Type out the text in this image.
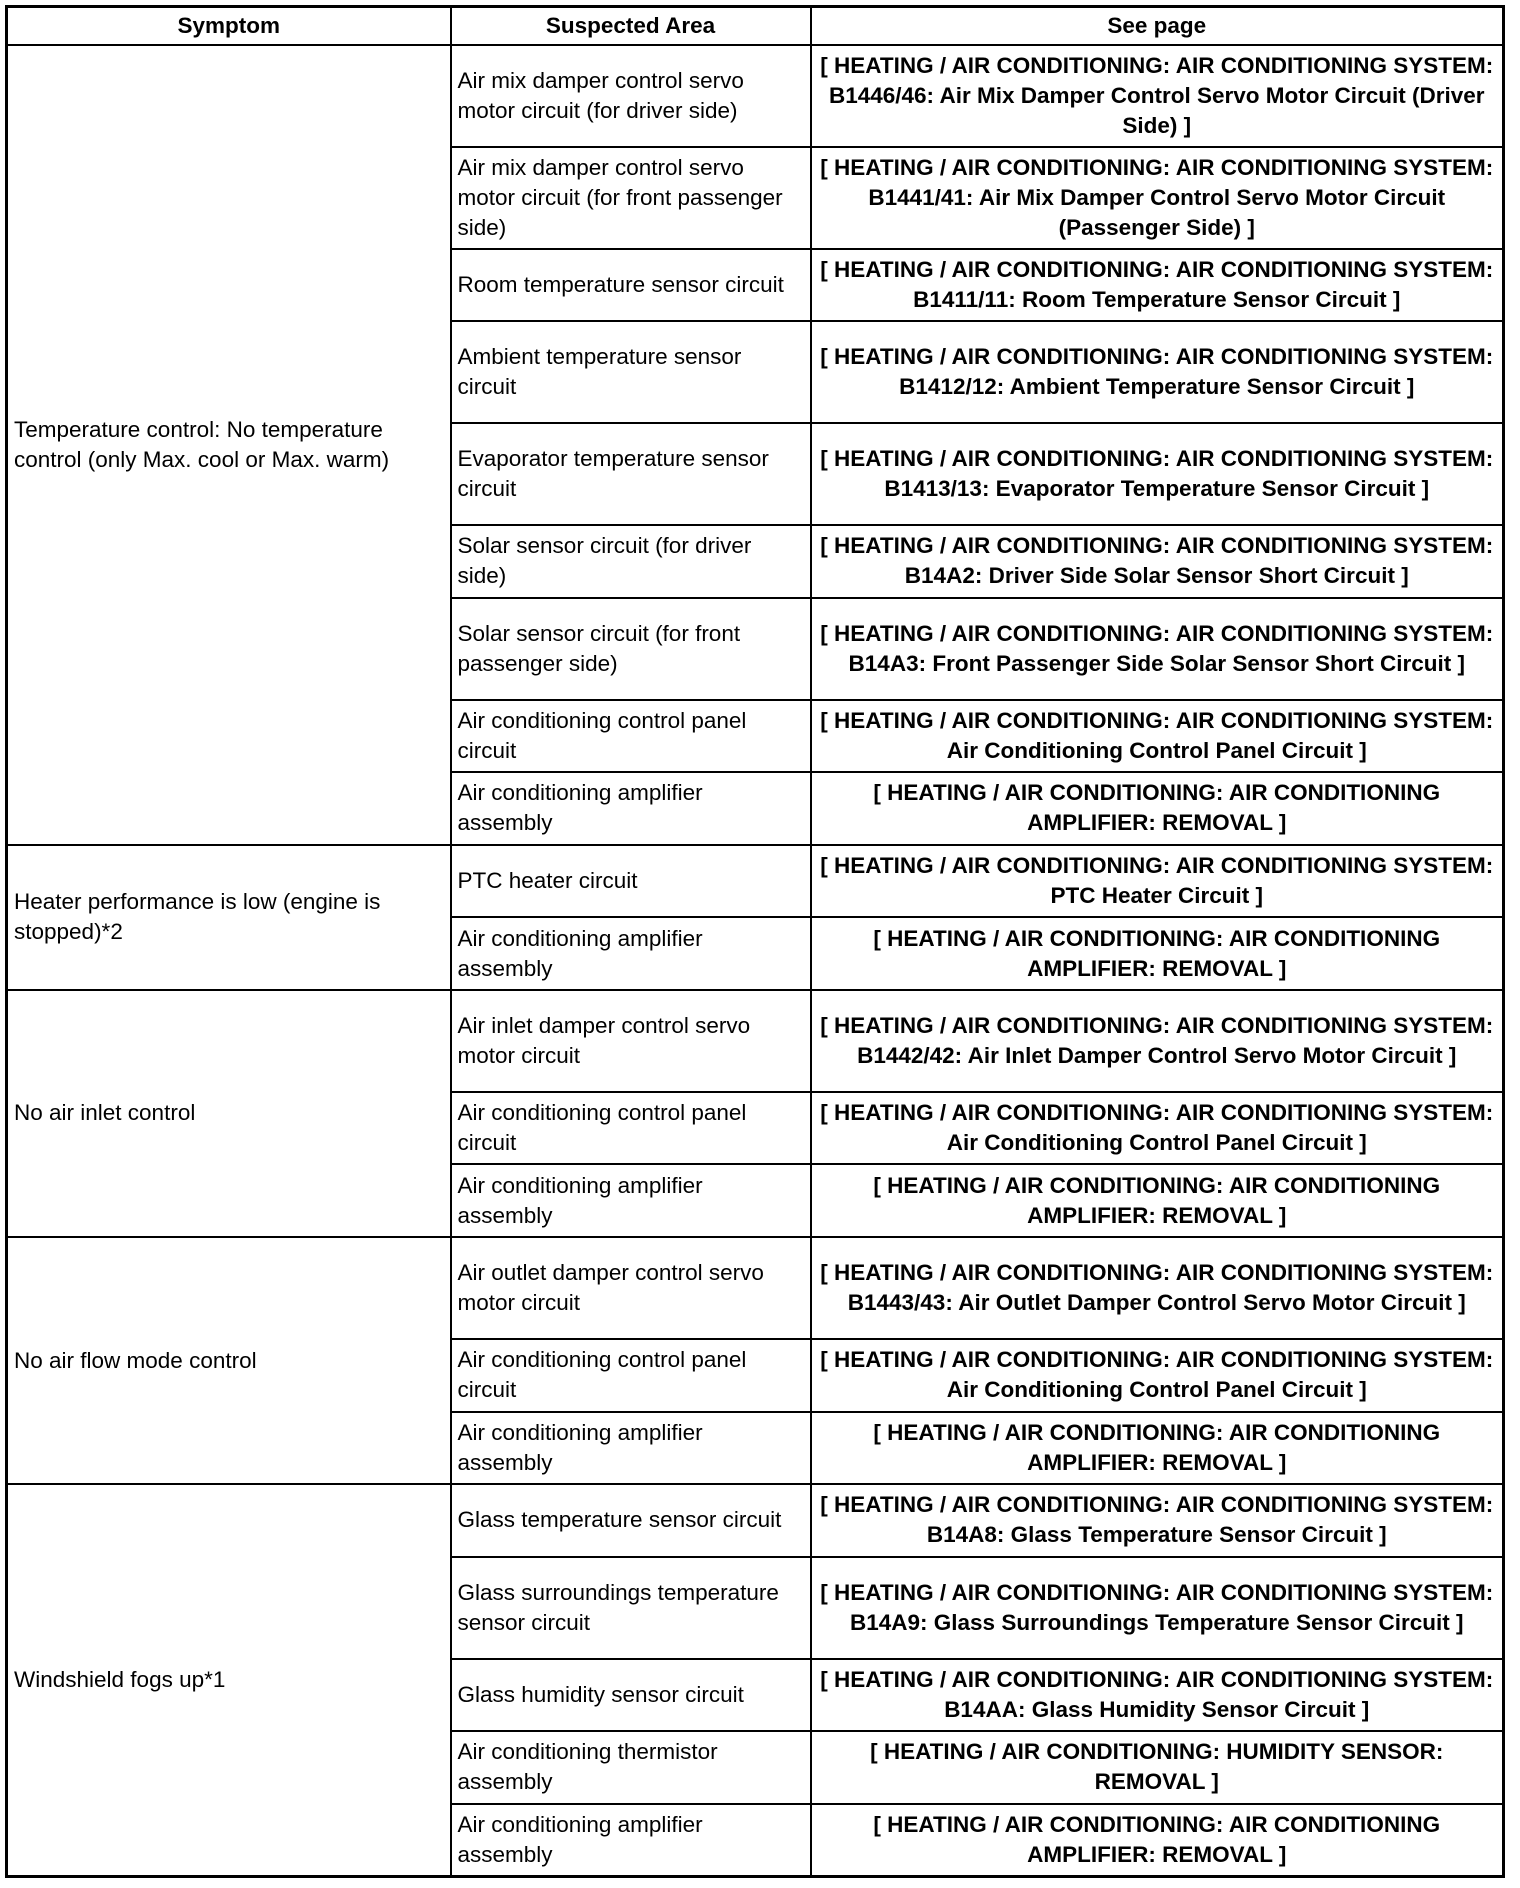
Symptom	Suspected Area	See page
Temperature control: No temperature control (only Max. cool or Max. warm)	Air mix damper control servo motor circuit (for driver side)	[ HEATING / AIR CONDITIONING: AIR CONDITIONING SYSTEM: B1446/46: Air Mix Damper Control Servo Motor Circuit (Driver Side) ]
	Air mix damper control servo motor circuit (for front passenger side)	[ HEATING / AIR CONDITIONING: AIR CONDITIONING SYSTEM: B1441/41: Air Mix Damper Control Servo Motor Circuit (Passenger Side) ]
	Room temperature sensor circuit	[ HEATING / AIR CONDITIONING: AIR CONDITIONING SYSTEM: B1411/11: Room Temperature Sensor Circuit ]
	Ambient temperature sensor circuit	[ HEATING / AIR CONDITIONING: AIR CONDITIONING SYSTEM: B1412/12: Ambient Temperature Sensor Circuit ]
	Evaporator temperature sensor circuit	[ HEATING / AIR CONDITIONING: AIR CONDITIONING SYSTEM: B1413/13: Evaporator Temperature Sensor Circuit ]
	Solar sensor circuit (for driver side)	[ HEATING / AIR CONDITIONING: AIR CONDITIONING SYSTEM: B14A2: Driver Side Solar Sensor Short Circuit ]
	Solar sensor circuit (for front passenger side)	[ HEATING / AIR CONDITIONING: AIR CONDITIONING SYSTEM: B14A3: Front Passenger Side Solar Sensor Short Circuit ]
	Air conditioning control panel circuit	[ HEATING / AIR CONDITIONING: AIR CONDITIONING SYSTEM: Air Conditioning Control Panel Circuit ]
	Air conditioning amplifier assembly	[ HEATING / AIR CONDITIONING: AIR CONDITIONING AMPLIFIER: REMOVAL ]
Heater performance is low (engine is stopped)*2	PTC heater circuit	[ HEATING / AIR CONDITIONING: AIR CONDITIONING SYSTEM: PTC Heater Circuit ]
	Air conditioning amplifier assembly	[ HEATING / AIR CONDITIONING: AIR CONDITIONING AMPLIFIER: REMOVAL ]
No air inlet control	Air inlet damper control servo motor circuit	[ HEATING / AIR CONDITIONING: AIR CONDITIONING SYSTEM: B1442/42: Air Inlet Damper Control Servo Motor Circuit ]
	Air conditioning control panel circuit	[ HEATING / AIR CONDITIONING: AIR CONDITIONING SYSTEM: Air Conditioning Control Panel Circuit ]
	Air conditioning amplifier assembly	[ HEATING / AIR CONDITIONING: AIR CONDITIONING AMPLIFIER: REMOVAL ]
No air flow mode control	Air outlet damper control servo motor circuit	[ HEATING / AIR CONDITIONING: AIR CONDITIONING SYSTEM: B1443/43: Air Outlet Damper Control Servo Motor Circuit ]
	Air conditioning control panel circuit	[ HEATING / AIR CONDITIONING: AIR CONDITIONING SYSTEM: Air Conditioning Control Panel Circuit ]
	Air conditioning amplifier assembly	[ HEATING / AIR CONDITIONING: AIR CONDITIONING AMPLIFIER: REMOVAL ]
Windshield fogs up*1	Glass temperature sensor circuit	[ HEATING / AIR CONDITIONING: AIR CONDITIONING SYSTEM: B14A8: Glass Temperature Sensor Circuit ]
	Glass surroundings temperature sensor circuit	[ HEATING / AIR CONDITIONING: AIR CONDITIONING SYSTEM: B14A9: Glass Surroundings Temperature Sensor Circuit ]
	Glass humidity sensor circuit	[ HEATING / AIR CONDITIONING: AIR CONDITIONING SYSTEM: B14AA: Glass Humidity Sensor Circuit ]
	Air conditioning thermistor assembly	[ HEATING / AIR CONDITIONING: HUMIDITY SENSOR: REMOVAL ]
	Air conditioning amplifier assembly	[ HEATING / AIR CONDITIONING: AIR CONDITIONING AMPLIFIER: REMOVAL ]
